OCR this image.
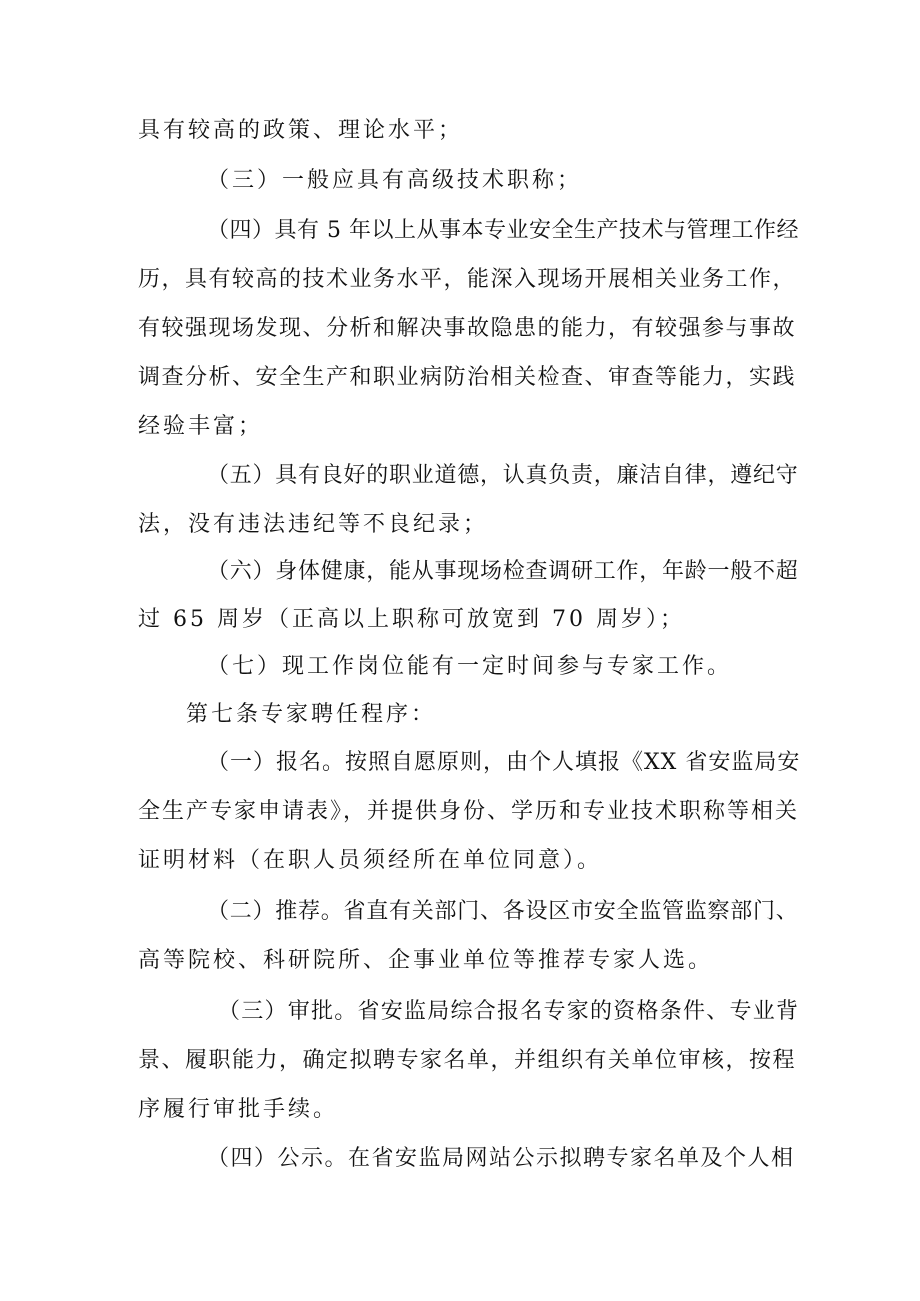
具有较高的政策、理论水平；
（三）一般应具有高级技术职称；
（四）具有 5 年以上从事本专业安全生产技术与管理工作经
历，具有较高的技术业务水平，能深入现场开展相关业务工作，
有较强现场发现、分析和解决事故隐患的能力，有较强参与事故
调查分析、安全生产和职业病防治相关检查、审查等能力，实践
经验丰富；
（五）具有良好的职业道德，认真负责，廉洁自律，遵纪守
法，没有违法违纪等不良纪录；
（六）身体健康，能从事现场检查调研工作，年龄一般不超
过 65 周岁（正高以上职称可放宽到 70 周岁）；
（七）现工作岗位能有一定时间参与专家工作。
第七条专家聘任程序：
（一）报名。按照自愿原则，由个人填报《XX 省安监局安
全生产专家申请表》，并提供身份、学历和专业技术职称等相关
证明材料（在职人员须经所在单位同意）。
（二）推荐。省直有关部门、各设区市安全监管监察部门、
高等院校、科研院所、企事业单位等推荐专家人选。
（三）审批。省安监局综合报名专家的资格条件、专业背
景、履职能力，确定拟聘专家名单，并组织有关单位审核，按程
序履行审批手续。
（四）公示。在省安监局网站公示拟聘专家名单及个人相
